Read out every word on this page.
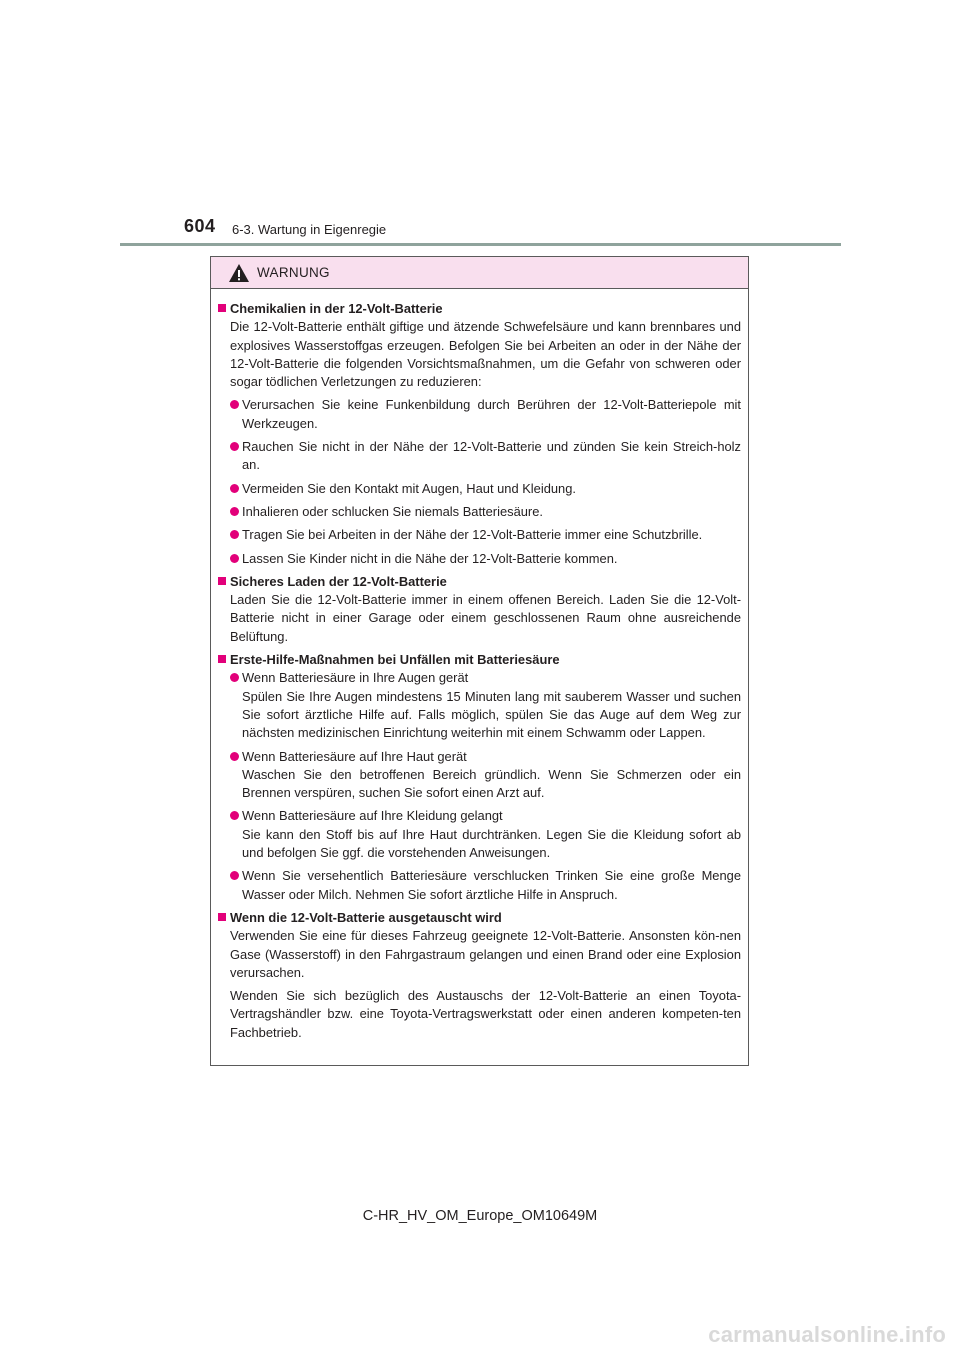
604 6-3. Wartung in Eigenregie
WARNUNG
Chemikalien in der 12-Volt-Batterie
Die 12-Volt-Batterie enthält giftige und ätzende Schwefelsäure und kann brennbares und explosives Wasserstoffgas erzeugen. Befolgen Sie bei Arbeiten an oder in der Nähe der 12-Volt-Batterie die folgenden Vorsichtsmaßnahmen, um die Gefahr von schweren oder sogar tödlichen Verletzungen zu reduzieren:
Verursachen Sie keine Funkenbildung durch Berühren der 12-Volt-Batteriepole mit Werkzeugen.
Rauchen Sie nicht in der Nähe der 12-Volt-Batterie und zünden Sie kein Streich-holz an.
Vermeiden Sie den Kontakt mit Augen, Haut und Kleidung.
Inhalieren oder schlucken Sie niemals Batteriesäure.
Tragen Sie bei Arbeiten in der Nähe der 12-Volt-Batterie immer eine Schutzbrille.
Lassen Sie Kinder nicht in die Nähe der 12-Volt-Batterie kommen.
Sicheres Laden der 12-Volt-Batterie
Laden Sie die 12-Volt-Batterie immer in einem offenen Bereich. Laden Sie die 12-Volt-Batterie nicht in einer Garage oder einem geschlossenen Raum ohne ausreichende Belüftung.
Erste-Hilfe-Maßnahmen bei Unfällen mit Batteriesäure
Wenn Batteriesäure in Ihre Augen gerät
Spülen Sie Ihre Augen mindestens 15 Minuten lang mit sauberem Wasser und suchen Sie sofort ärztliche Hilfe auf. Falls möglich, spülen Sie das Auge auf dem Weg zur nächsten medizinischen Einrichtung weiterhin mit einem Schwamm oder Lappen.
Wenn Batteriesäure auf Ihre Haut gerät
Waschen Sie den betroffenen Bereich gründlich. Wenn Sie Schmerzen oder ein Brennen verspüren, suchen Sie sofort einen Arzt auf.
Wenn Batteriesäure auf Ihre Kleidung gelangt
Sie kann den Stoff bis auf Ihre Haut durchtränken. Legen Sie die Kleidung sofort ab und befolgen Sie ggf. die vorstehenden Anweisungen.
Wenn Sie versehentlich Batteriesäure verschlucken Trinken Sie eine große Menge Wasser oder Milch. Nehmen Sie sofort ärztliche Hilfe in Anspruch.
Wenn die 12-Volt-Batterie ausgetauscht wird
Verwenden Sie eine für dieses Fahrzeug geeignete 12-Volt-Batterie. Ansonsten kön-nen Gase (Wasserstoff) in den Fahrgastraum gelangen und einen Brand oder eine Explosion verursachen.
Wenden Sie sich bezüglich des Austauschs der 12-Volt-Batterie an einen Toyota-Vertragshändler bzw. eine Toyota-Vertragswerkstatt oder einen anderen kompeten-ten Fachbetrieb.
C-HR_HV_OM_Europe_OM10649M
carmanualsonline.info
